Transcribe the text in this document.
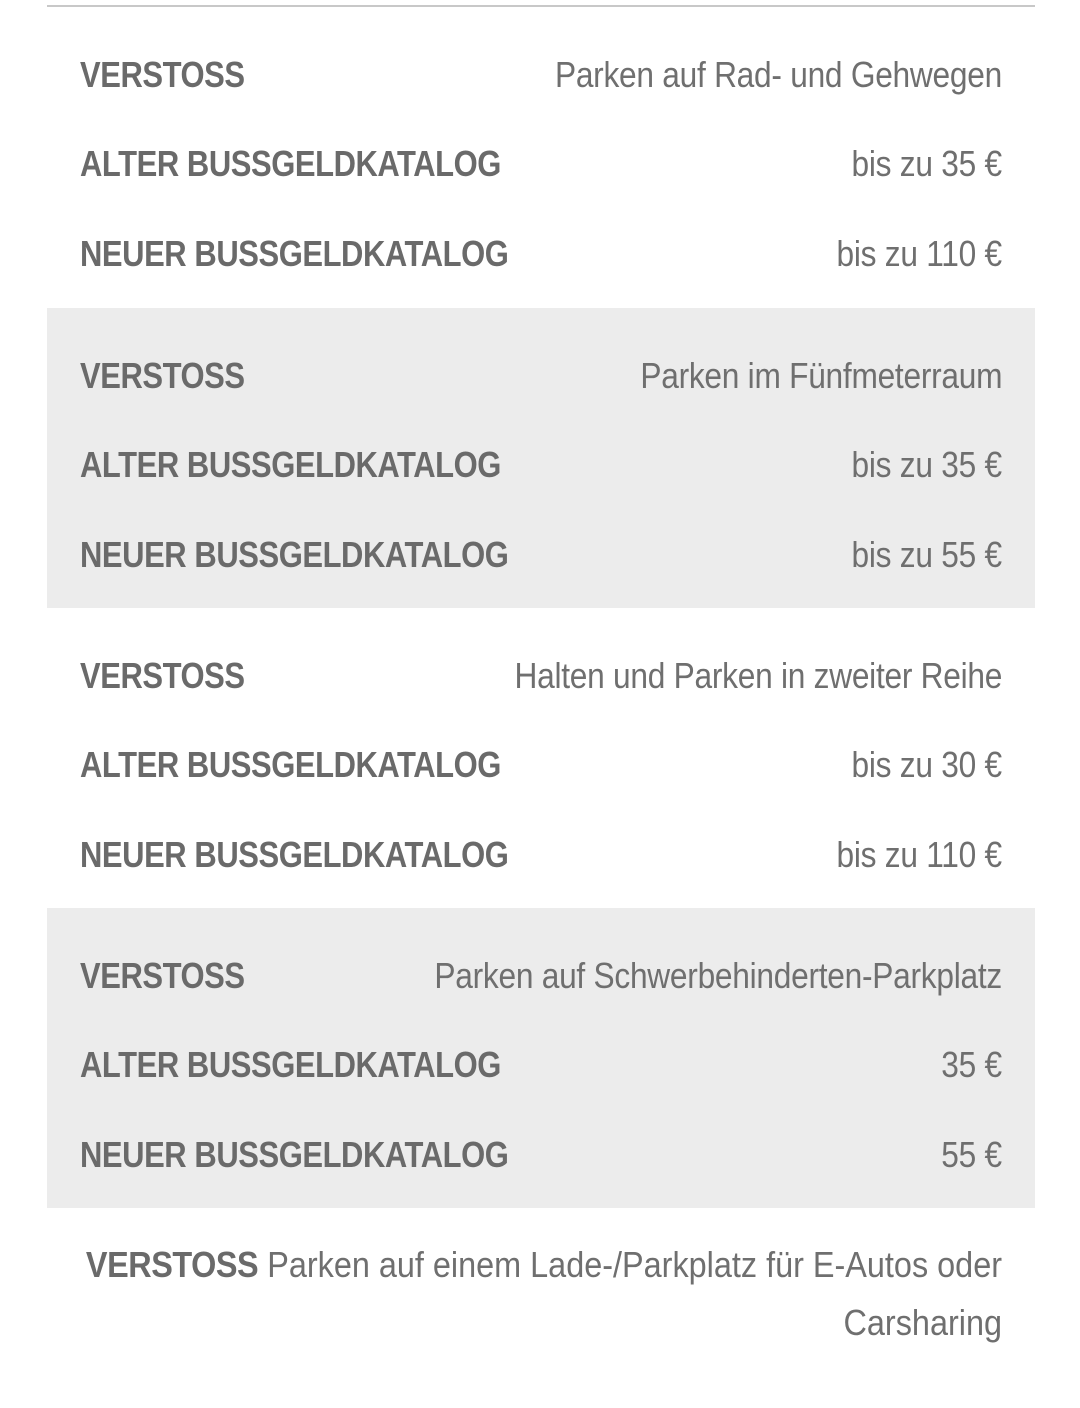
VERSTOSS	Parken auf Rad- und Gehwegen
ALTER BUSSGELDKATALOG	bis zu 35 €
NEUER BUSSGELDKATALOG	bis zu 110 €
VERSTOSS	Parken im Fünfmeterraum
ALTER BUSSGELDKATALOG	bis zu 35 €
NEUER BUSSGELDKATALOG	bis zu 55 €
VERSTOSS	Halten und Parken in zweiter Reihe
ALTER BUSSGELDKATALOG	bis zu 30 €
NEUER BUSSGELDKATALOG	bis zu 110 €
VERSTOSS	Parken auf Schwerbehinderten-Parkplatz
ALTER BUSSGELDKATALOG	35 €
NEUER BUSSGELDKATALOG	55 €
VERSTOSS Parken auf einem Lade-/Parkplatz für E-Autos oder Carsharing
